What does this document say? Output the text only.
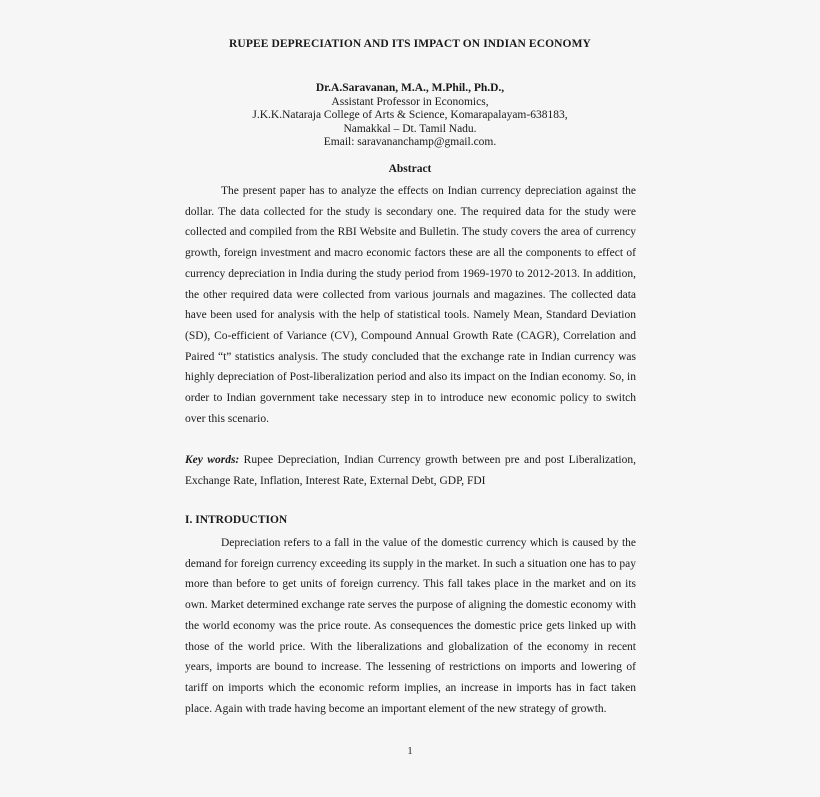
RUPEE DEPRECIATION AND ITS IMPACT ON INDIAN ECONOMY
Dr.A.Saravanan, M.A., M.Phil., Ph.D.,
Assistant Professor in Economics,
J.K.K.Nataraja College of Arts & Science, Komarapalayam-638183,
Namakkal – Dt. Tamil Nadu.
Email: saravananchamp@gmail.com.
Abstract

The present paper has to analyze the effects on Indian currency depreciation against the dollar. The data collected for the study is secondary one. The required data for the study were collected and compiled from the RBI Website and Bulletin. The study covers the area of currency growth, foreign investment and macro economic factors these are all the components to effect of currency depreciation in India during the study period from 1969-1970 to 2012-2013. In addition, the other required data were collected from various journals and magazines. The collected data have been used for analysis with the help of statistical tools. Namely Mean, Standard Deviation (SD), Co-efficient of Variance (CV), Compound Annual Growth Rate (CAGR), Correlation and Paired “t” statistics analysis. The study concluded that the exchange rate in Indian currency was highly depreciation of Post-liberalization period and also its impact on the Indian economy. So, in order to Indian government take necessary step in to introduce new economic policy to switch over this scenario.

Key words: Rupee Depreciation, Indian Currency growth between pre and post Liberalization, Exchange Rate, Inflation, Interest Rate, External Debt, GDP, FDI

I. INTRODUCTION

Depreciation refers to a fall in the value of the domestic currency which is caused by the demand for foreign currency exceeding its supply in the market. In such a situation one has to pay more than before to get units of foreign currency. This fall takes place in the market and on its own. Market determined exchange rate serves the purpose of aligning the domestic economy with the world economy was the price route. As consequences the domestic price gets linked up with those of the world price. With the liberalizations and globalization of the economy in recent years, imports are bound to increase. The lessening of restrictions on imports and lowering of tariff on imports which the economic reform implies, an increase in imports has in fact taken place. Again with trade having become an important element of the new strategy of growth.

1
